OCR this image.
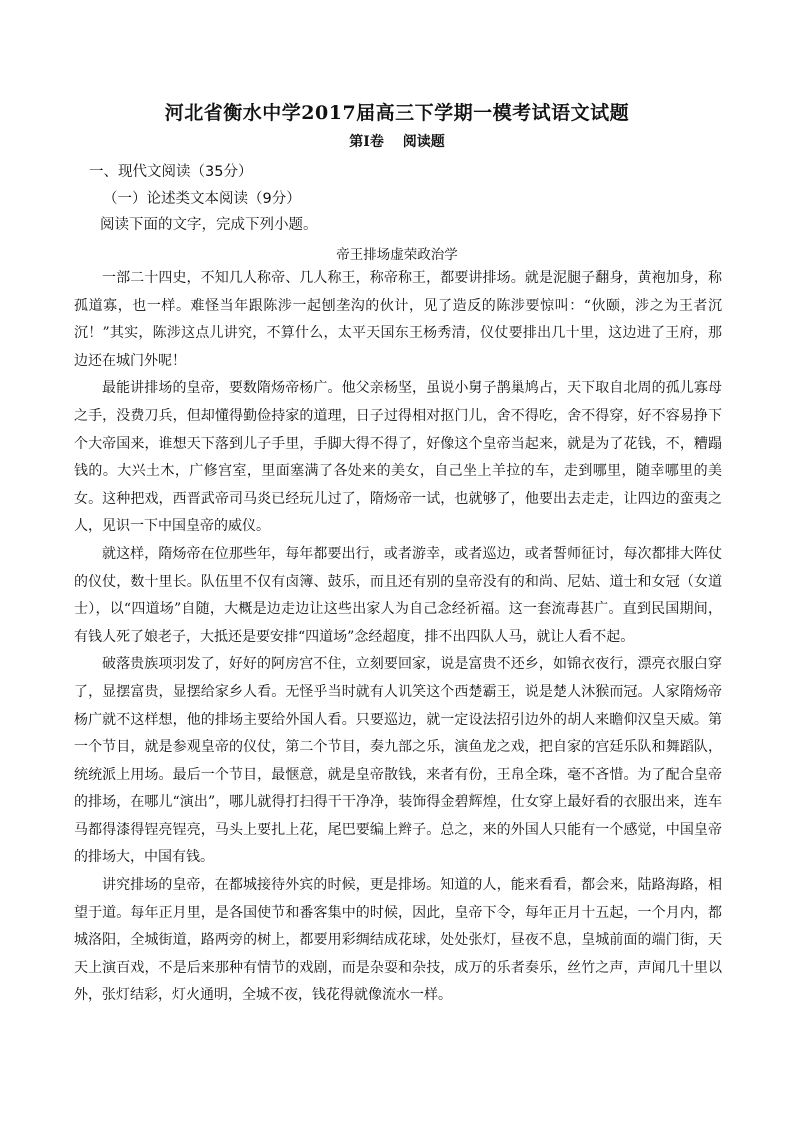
河北省衡水中学2017届高三下学期一模考试语文试题
第Ⅰ卷　 阅读题
一、现代文阅读（35分）
（一）论述类文本阅读（9分）
阅读下面的文字，完成下列小题。
帝王排场虚荣政治学

一部二十四史，不知几人称帝、几人称王，称帝称王，都要讲排场。就是泥腿子翻身，黄袍加身，称孤道寡，也一样。难怪当年跟陈涉一起刨垄沟的伙计，见了造反的陈涉要惊叫：“伙颐，涉之为王者沉沉！”其实，陈涉这点儿讲究，不算什么，太平天国东王杨秀清，仪仗要排出几十里，这边进了王府，那边还在城门外呢！

最能讲排场的皇帝，要数隋炀帝杨广。他父亲杨坚，虽说小舅子鹊巢鸠占，天下取自北周的孤儿寡母之手，没费刀兵，但却懂得勤俭持家的道理，日子过得相对抠门儿，舍不得吃，舍不得穿，好不容易挣下个大帝国来，谁想天下落到儿子手里，手脚大得不得了，好像这个皇帝当起来，就是为了花钱，不，糟蹋钱的。大兴土木，广修宫室，里面塞满了各处来的美女，自己坐上羊拉的车，走到哪里，随幸哪里的美女。这种把戏，西晋武帝司马炎已经玩儿过了，隋炀帝一试，也就够了，他要出去走走，让四边的蛮夷之人，见识一下中国皇帝的威仪。

就这样，隋炀帝在位那些年，每年都要出行，或者游幸，或者巡边，或者誓师征讨，每次都排大阵仗的仪仗，数十里长。队伍里不仅有卤簿、鼓乐，而且还有别的皇帝没有的和尚、尼姑、道士和女冠（女道士），以“四道场”自随，大概是边走边让这些出家人为自己念经祈福。这一套流毒甚广。直到民国期间，有钱人死了娘老子，大抵还是要安排“四道场”念经超度，排不出四队人马，就让人看不起。

破落贵族项羽发了，好好的阿房宫不住，立刻要回家，说是富贵不还乡，如锦衣夜行，漂亮衣服白穿了，显摆富贵，显摆给家乡人看。无怪乎当时就有人讥笑这个西楚霸王，说是楚人沐猴而冠。人家隋炀帝杨广就不这样想，他的排场主要给外国人看。只要巡边，就一定设法招引边外的胡人来瞻仰汉皇天威。第一个节目，就是参观皇帝的仪仗，第二个节目，奏九部之乐，演鱼龙之戏，把自家的宫廷乐队和舞蹈队，统统派上用场。最后一个节目，最惬意，就是皇帝散钱，来者有份，王帛全珠，毫不吝惜。为了配合皇帝的排场，在哪儿“演出”，哪儿就得打扫得干干净净，装饰得金碧辉煌，仕女穿上最好看的衣服出来，连车马都得漆得锃亮锃亮，马头上要扎上花，尾巴要编上辫子。总之，来的外国人只能有一个感觉，中国皇帝的排场大，中国有钱。

讲究排场的皇帝，在都城接待外宾的时候，更是排场。知道的人，能来看看，都会来，陆路海路，相望于道。每年正月里，是各国使节和番客集中的时候，因此，皇帝下令，每年正月十五起，一个月内，都城洛阳，全城街道，路两旁的树上，都要用彩绸结成花球，处处张灯，昼夜不息，皇城前面的端门街，天天上演百戏，不是后来那种有情节的戏剧，而是杂耍和杂技，成万的乐者奏乐，丝竹之声，声闻几十里以外，张灯结彩，灯火通明，全城不夜，钱花得就像流水一样。
